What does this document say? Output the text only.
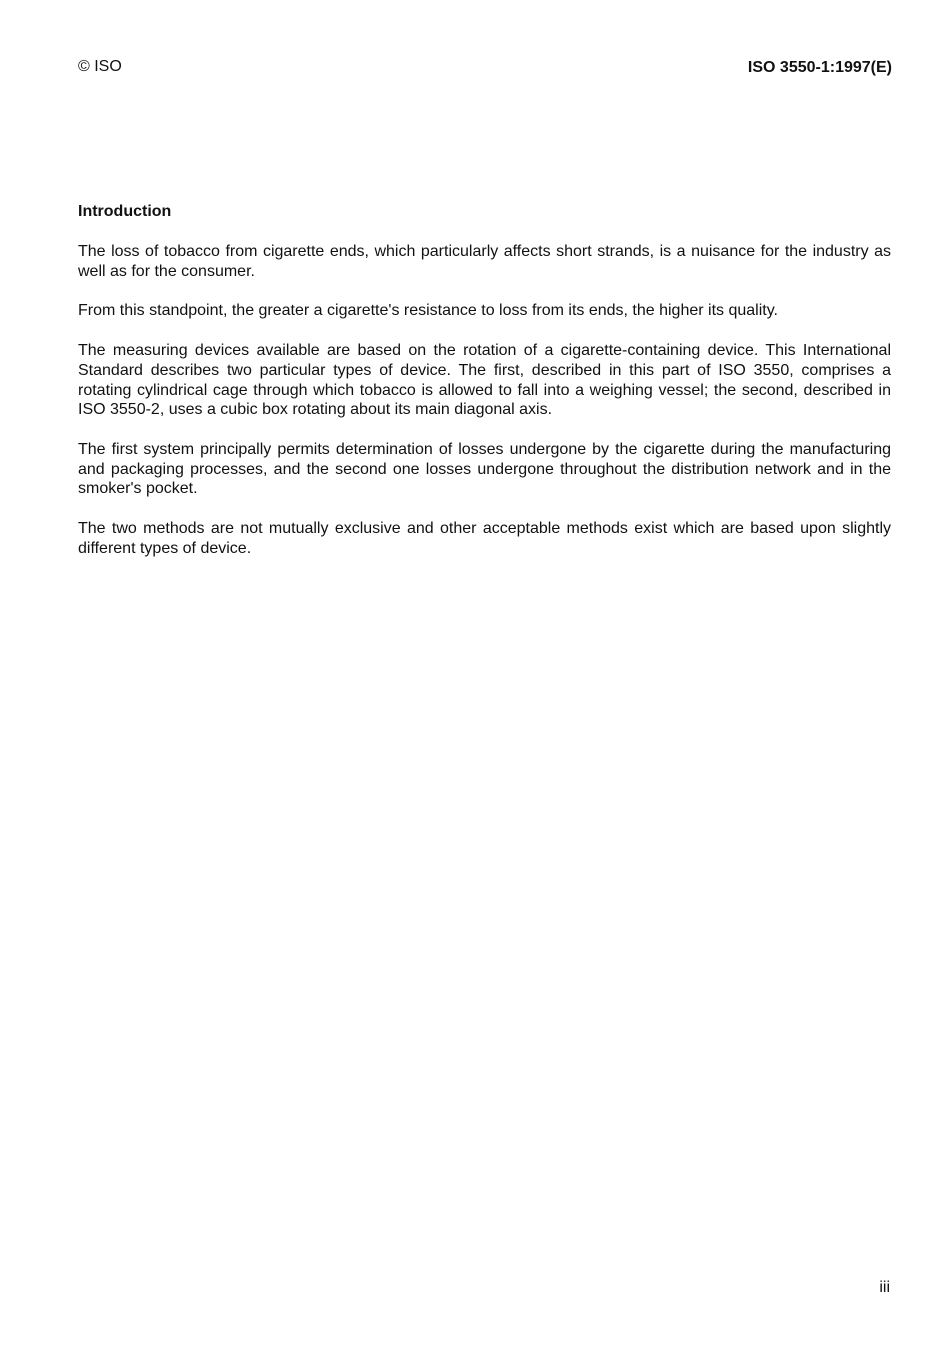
© ISO	ISO 3550-1:1997(E)
Introduction

The loss of tobacco from cigarette ends, which particularly affects short strands, is a nuisance for the industry as well as for the consumer.

From this standpoint, the greater a cigarette's resistance to loss from its ends, the higher its quality.

The measuring devices available are based on the rotation of a cigarette-containing device. This International Standard describes two particular types of device. The first, described in this part of ISO 3550, comprises a rotating cylindrical cage through which tobacco is allowed to fall into a weighing vessel; the second, described in ISO 3550-2, uses a cubic box rotating about its main diagonal axis.

The first system principally permits determination of losses undergone by the cigarette during the manufacturing and packaging processes, and the second one losses undergone throughout the distribution network and in the smoker's pocket.

The two methods are not mutually exclusive and other acceptable methods exist which are based upon slightly different types of device.

iii
